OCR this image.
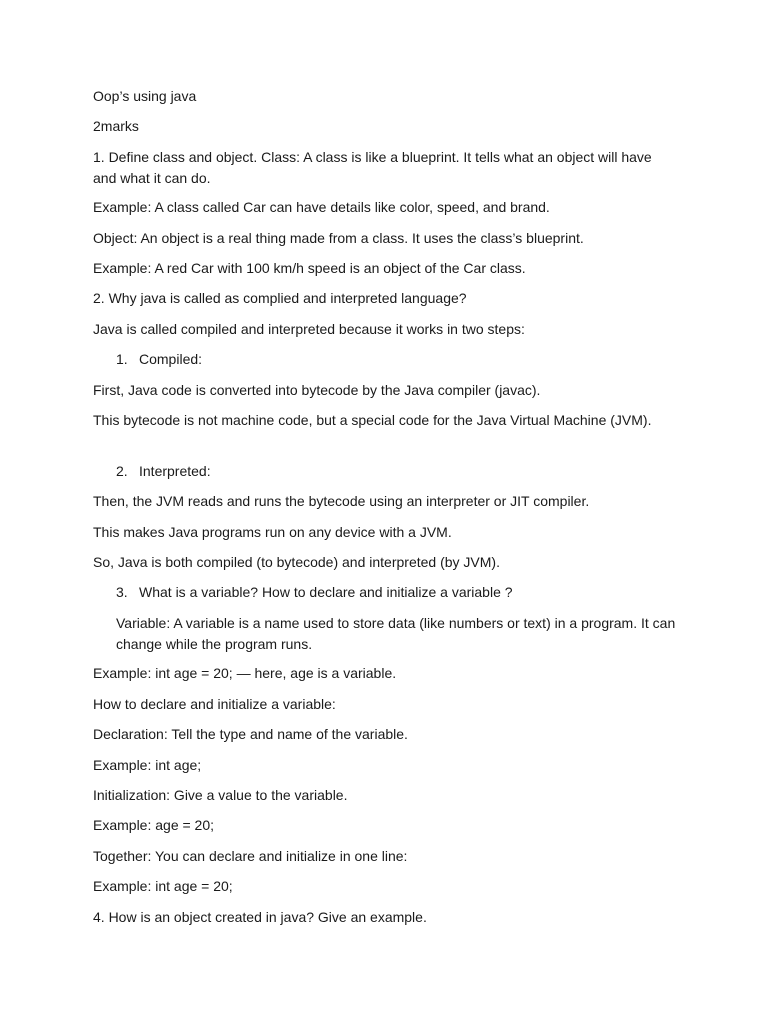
Oop’s using java
2marks
1. Define class and object. Class: A class is like a blueprint. It tells what an object will have and what it can do.
Example: A class called Car can have details like color, speed, and brand.
Object: An object is a real thing made from a class. It uses the class’s blueprint.
Example: A red Car with 100 km/h speed is an object of the Car class.
2. Why java is called as complied and interpreted language?
Java is called compiled and interpreted because it works in two steps:
1. Compiled:
First, Java code is converted into bytecode by the Java compiler (javac).
This bytecode is not machine code, but a special code for the Java Virtual Machine (JVM).
2. Interpreted:
Then, the JVM reads and runs the bytecode using an interpreter or JIT compiler.
This makes Java programs run on any device with a JVM.
So, Java is both compiled (to bytecode) and interpreted (by JVM).
3. What is a variable? How to declare and initialize a variable ?
Variable: A variable is a name used to store data (like numbers or text) in a program. It can change while the program runs.
Example: int age = 20; — here, age is a variable.
How to declare and initialize a variable:
Declaration: Tell the type and name of the variable.
Example: int age;
Initialization: Give a value to the variable.
Example: age = 20;
Together: You can declare and initialize in one line:
Example: int age = 20;
4. How is an object created in java? Give an example.
